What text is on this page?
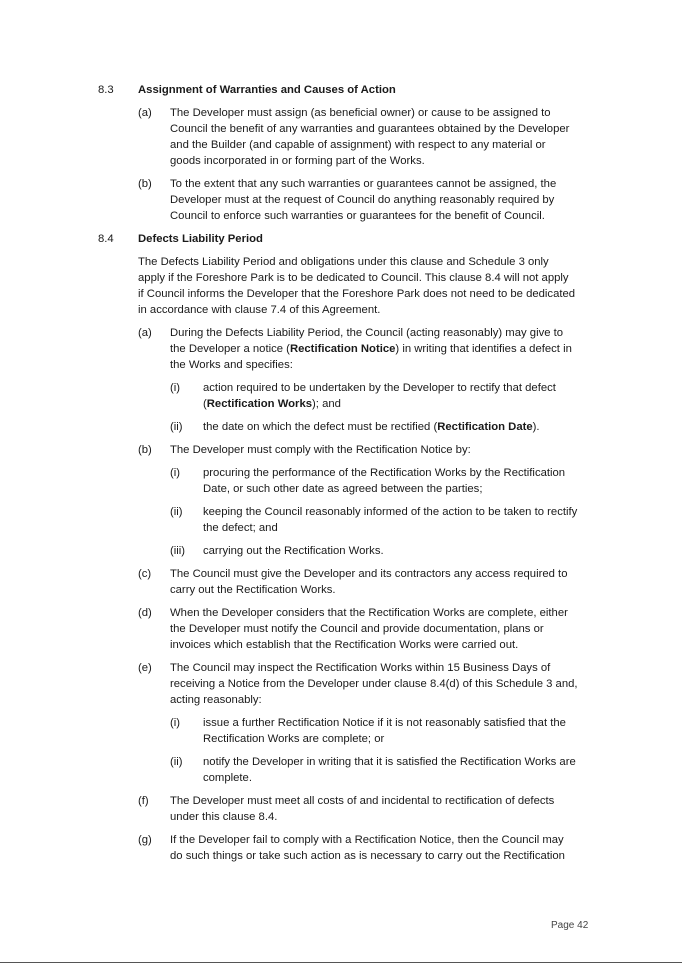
8.3 Assignment of Warranties and Causes of Action
(a) The Developer must assign (as beneficial owner) or cause to be assigned to
Council the benefit of any warranties and guarantees obtained by the Developer
and the Builder (and capable of assignment) with respect to any material or
goods incorporated in or forming part of the Works.
(b) To the extent that any such warranties or guarantees cannot be assigned, the
Developer must at the request of Council do anything reasonably required by
Council to enforce such warranties or guarantees for the benefit of Council.
8.4 Defects Liability Period
The Defects Liability Period and obligations under this clause and Schedule 3 only
apply if the Foreshore Park is to be dedicated to Council. This clause 8.4 will not apply
if Council informs the Developer that the Foreshore Park does not need to be dedicated
in accordance with clause 7.4 of this Agreement.
(a) During the Defects Liability Period, the Council (acting reasonably) may give to
the Developer a notice (Rectification Notice) in writing that identifies a defect in
the Works and specifies:
(i) action required to be undertaken by the Developer to rectify that defect
(Rectification Works); and
(ii) the date on which the defect must be rectified (Rectification Date).
(b) The Developer must comply with the Rectification Notice by:
(i) procuring the performance of the Rectification Works by the Rectification
Date, or such other date as agreed between the parties;
(ii) keeping the Council reasonably informed of the action to be taken to rectify
the defect; and
(iii) carrying out the Rectification Works.
(c) The Council must give the Developer and its contractors any access required to
carry out the Rectification Works.
(d) When the Developer considers that the Rectification Works are complete, either
the Developer must notify the Council and provide documentation, plans or
invoices which establish that the Rectification Works were carried out.
(e) The Council may inspect the Rectification Works within 15 Business Days of
receiving a Notice from the Developer under clause 8.4(d) of this Schedule 3 and,
acting reasonably:
(i) issue a further Rectification Notice if it is not reasonably satisfied that the
Rectification Works are complete; or
(ii) notify the Developer in writing that it is satisfied the Rectification Works are
complete.
(f) The Developer must meet all costs of and incidental to rectification of defects
under this clause 8.4.
(g) If the Developer fail to comply with a Rectification Notice, then the Council may
do such things or take such action as is necessary to carry out the Rectification
Page 42
